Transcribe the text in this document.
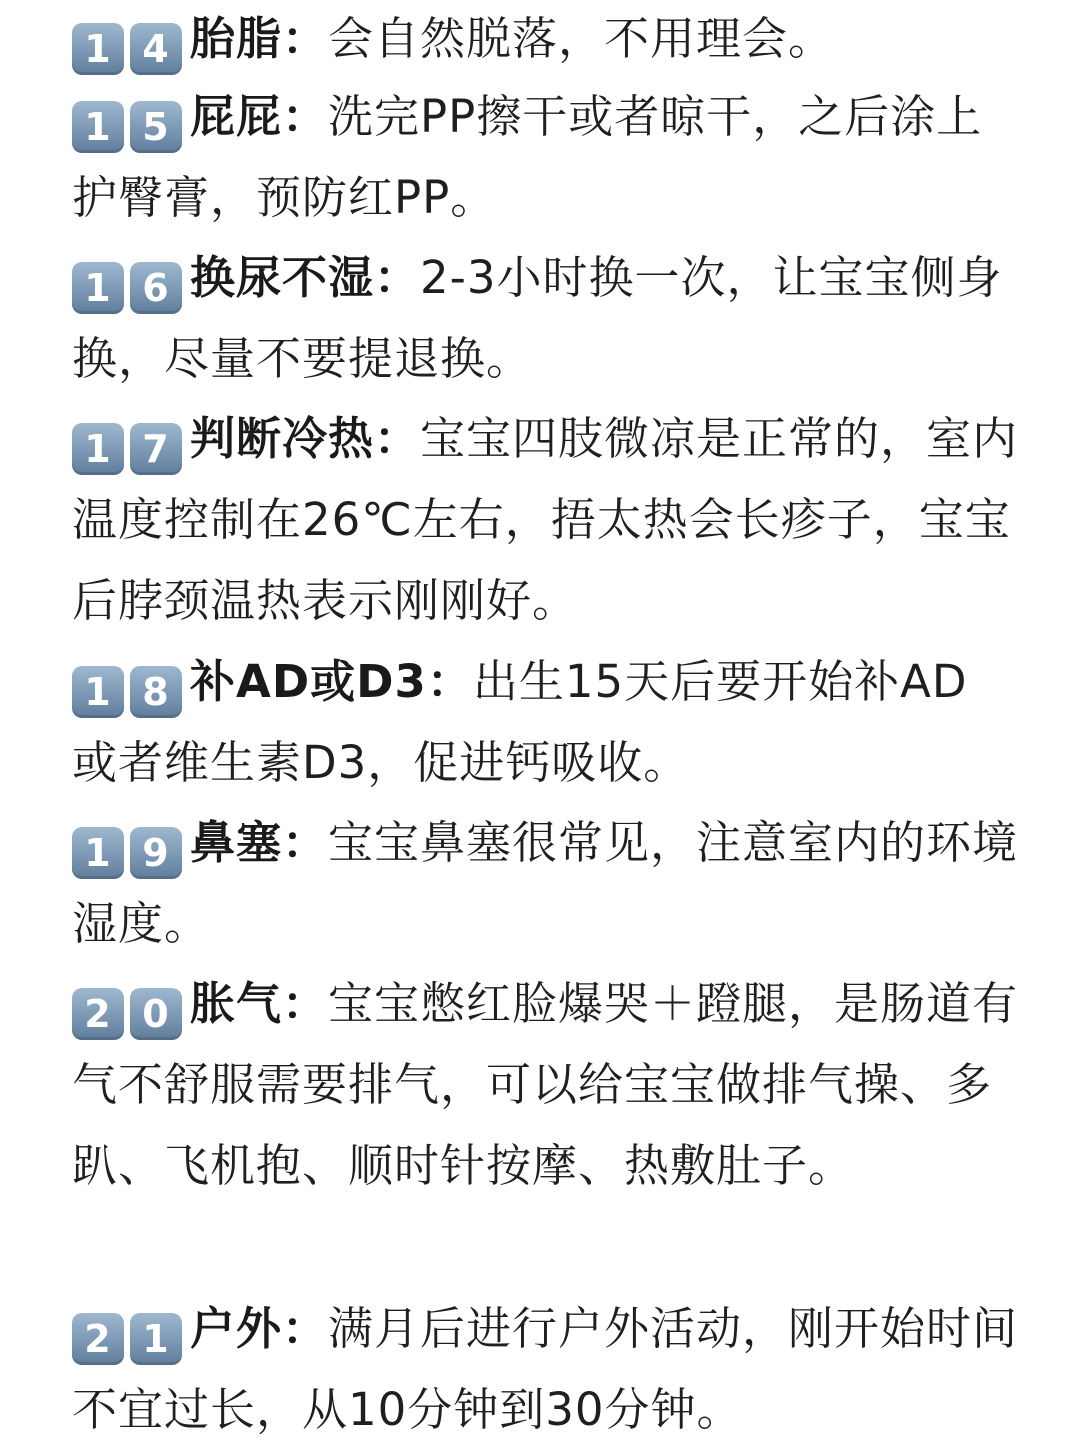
1 4 胎脂：会自然脱落，不用理会。

1 5 屁屁：洗完PP擦干或者晾干，之后涂上护臀膏，预防红PP。

1 6 换尿不湿：2-3小时换一次，让宝宝侧身换，尽量不要提退换。

1 7 判断冷热：宝宝四肢微凉是正常的，室内温度控制在26℃左右，捂太热会长疹子，宝宝后脖颈温热表示刚刚好。

1 8 补AD或D3：出生15天后要开始补AD或者维生素D3，促进钙吸收。

1 9 鼻塞：宝宝鼻塞很常见，注意室内的环境湿度。

2 0 胀气：宝宝憋红脸爆哭＋蹬腿，是肠道有气不舒服需要排气，可以给宝宝做排气操、多趴、飞机抱、顺时针按摩、热敷肚子。

2 1 户外：满月后进行户外活动，刚开始时间不宜过长，从10分钟到30分钟。
